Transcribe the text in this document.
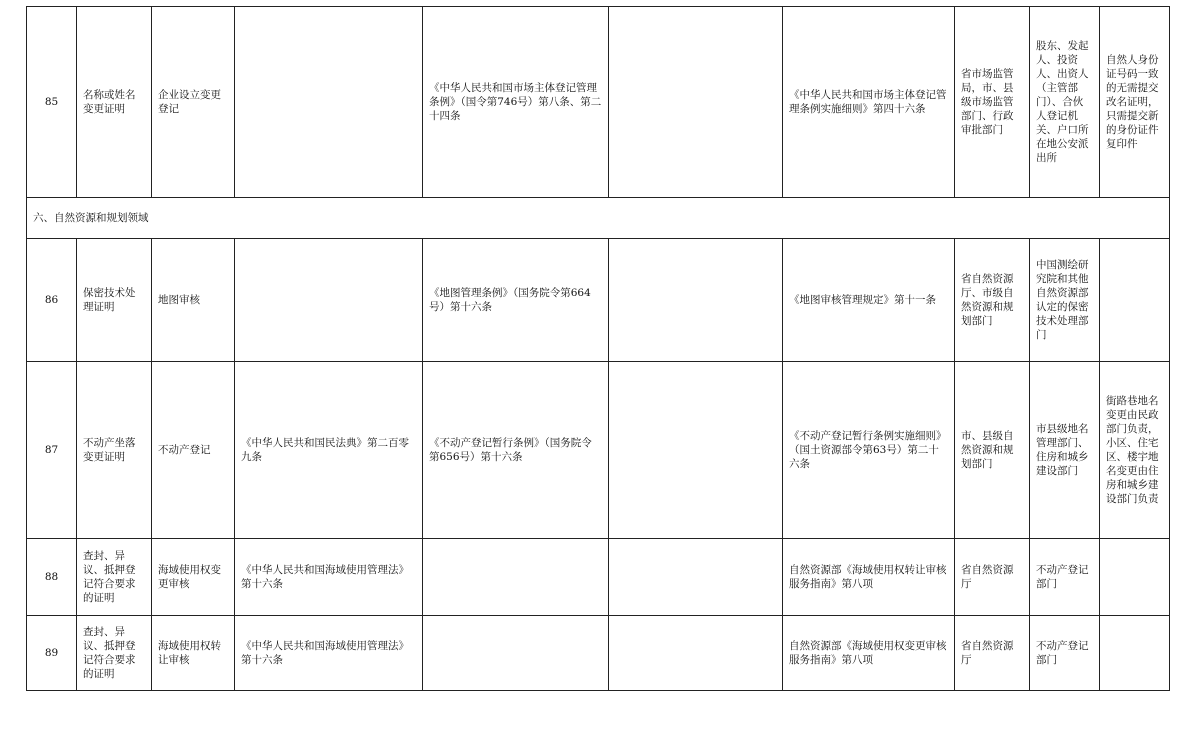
85	名称或姓名变更证明	企业设立变更登记		《中华人民共和国市场主体登记管理条例》（国令第746号）第八条、第二十四条		《中华人民共和国市场主体登记管理条例实施细则》第四十六条	省市场监管局，市、县级市场监管部门、行政审批部门	股东、发起人、投资人、出资人（主管部门）、合伙人登记机关、户口所在地公安派出所	自然人身份证号码一致的无需提交改名证明，只需提交新的身份证件复印件
六、自然资源和规划领域									
86	保密技术处理证明	地图审核		《地图管理条例》（国务院令第664号）第十六条		《地图审核管理规定》第十一条	省自然资源厅、市级自然资源和规划部门	中国测绘研究院和其他自然资源部认定的保密技术处理部门	
87	不动产坐落变更证明	不动产登记	《中华人民共和国民法典》第二百零九条	《不动产登记暂行条例》（国务院令第656号）第十六条		《不动产登记暂行条例实施细则》（国土资源部令第63号）第二十六条	市、县级自然资源和规划部门	市县级地名管理部门、住房和城乡建设部门	街路巷地名变更由民政部门负责，小区、住宅区、楼宇地名变更由住房和城乡建设部门负责
88	查封、异议、抵押登记符合要求的证明	海域使用权变更审核	《中华人民共和国海域使用管理法》第十六条			自然资源部《海域使用权转让审核服务指南》第八项	省自然资源厅	不动产登记部门	
89	查封、异议、抵押登记符合要求的证明	海域使用权转让审核	《中华人民共和国海域使用管理法》第十六条			自然资源部《海域使用权变更审核服务指南》第八项	省自然资源厅	不动产登记部门	
